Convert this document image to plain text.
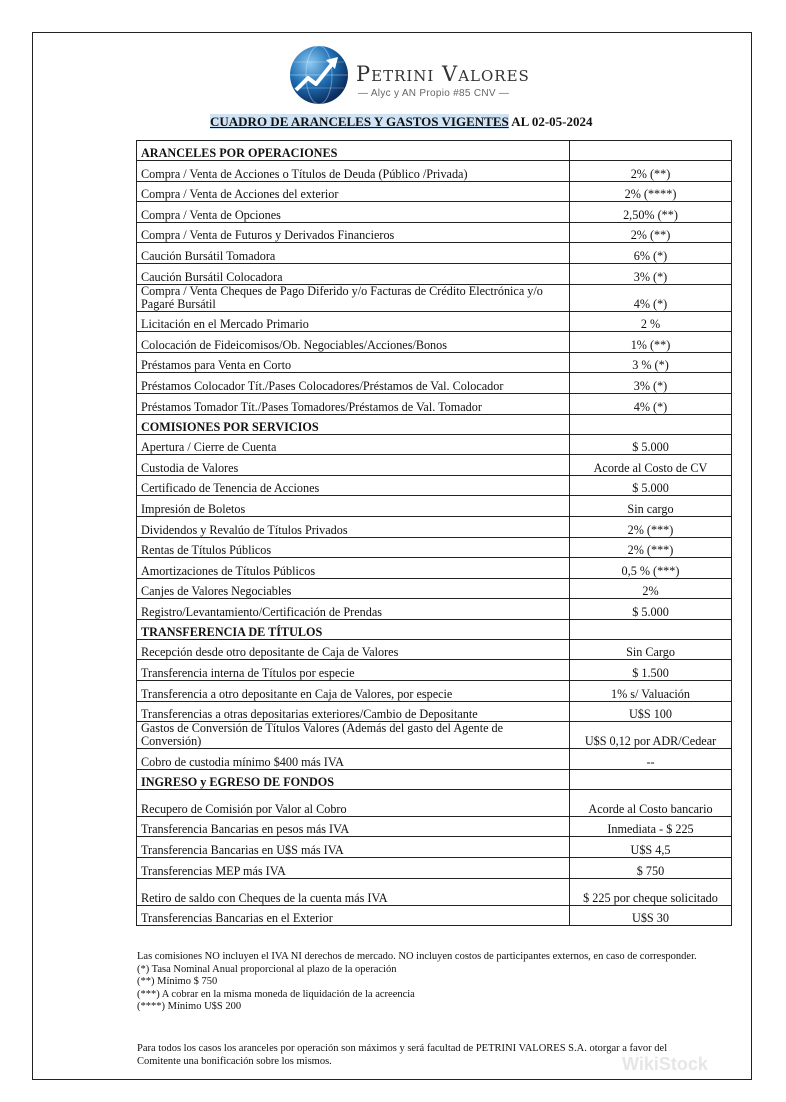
Petrini Valores
— Alyc y AN Propio #85 CNV —
CUADRO DE ARANCELES Y GASTOS VIGENTES AL 02-05-2024
ARANCELES POR OPERACIONES	
Compra / Venta de Acciones o Títulos de Deuda (Público /Privada)	2% (**)
Compra / Venta de Acciones del exterior	2% (****)
Compra / Venta de Opciones	2,50% (**)
Compra / Venta de Futuros y Derivados Financieros	2% (**)
Caución Bursátil Tomadora	6% (*)
Caución Bursátil Colocadora	3% (*)
Compra / Venta Cheques de Pago Diferido y/o Facturas de Crédito Electrónica y/o Pagaré Bursátil	4% (*)
Licitación en el Mercado Primario	2 %
Colocación de Fideicomisos/Ob. Negociables/Acciones/Bonos	1% (**)
Préstamos para Venta en Corto	3 % (*)
Préstamos Colocador Tít./Pases Colocadores/Préstamos de Val. Colocador	3% (*)
Préstamos Tomador Tít./Pases Tomadores/Préstamos de Val. Tomador	4% (*)
COMISIONES POR SERVICIOS	
Apertura / Cierre de Cuenta	$ 5.000
Custodia de Valores	Acorde al Costo de CV
Certificado de Tenencia de Acciones	$ 5.000
Impresión de Boletos	Sin cargo
Dividendos y Revalúo de Títulos Privados	2% (***)
Rentas de Títulos Públicos	2% (***)
Amortizaciones de Títulos Públicos	0,5 % (***)
Canjes de Valores Negociables	2%
Registro/Levantamiento/Certificación de Prendas	$ 5.000
TRANSFERENCIA DE TÍTULOS	
Recepción desde otro depositante de Caja de Valores	Sin Cargo
Transferencia interna de Títulos por especie	$ 1.500
Transferencia a otro depositante en Caja de Valores, por especie	1% s/ Valuación
Transferencias a otras depositarias exteriores/Cambio de Depositante	U$S 100
Gastos de Conversión de Títulos Valores (Además del gasto del Agente de Conversión)	U$S 0,12 por ADR/Cedear
Cobro de custodia mínimo $400 más IVA	--
INGRESO y EGRESO DE FONDOS	
Recupero de Comisión por Valor al Cobro	Acorde al Costo bancario
Transferencia Bancarias en pesos más IVA	Inmediata - $ 225
Transferencia Bancarias en U$S más IVA	U$S 4,5
Transferencias MEP más IVA	$ 750
Retiro de saldo con Cheques de la cuenta más IVA	$ 225 por cheque solicitado
Transferencias Bancarias en el Exterior	U$S 30

Las comisiones NO incluyen el IVA NI derechos de mercado. NO incluyen costos de participantes externos, en caso de corresponder.

(*) Tasa Nominal Anual proporcional al plazo de la operación

(**) Mínimo $ 750

(***) A cobrar en la misma moneda de liquidación de la acreencia

(****) Mínimo U$S 200

Para todos los casos los aranceles por operación son máximos y será facultad de PETRINI VALORES S.A. otorgar a favor del Comitente una bonificación sobre los mismos.	WikiStock
